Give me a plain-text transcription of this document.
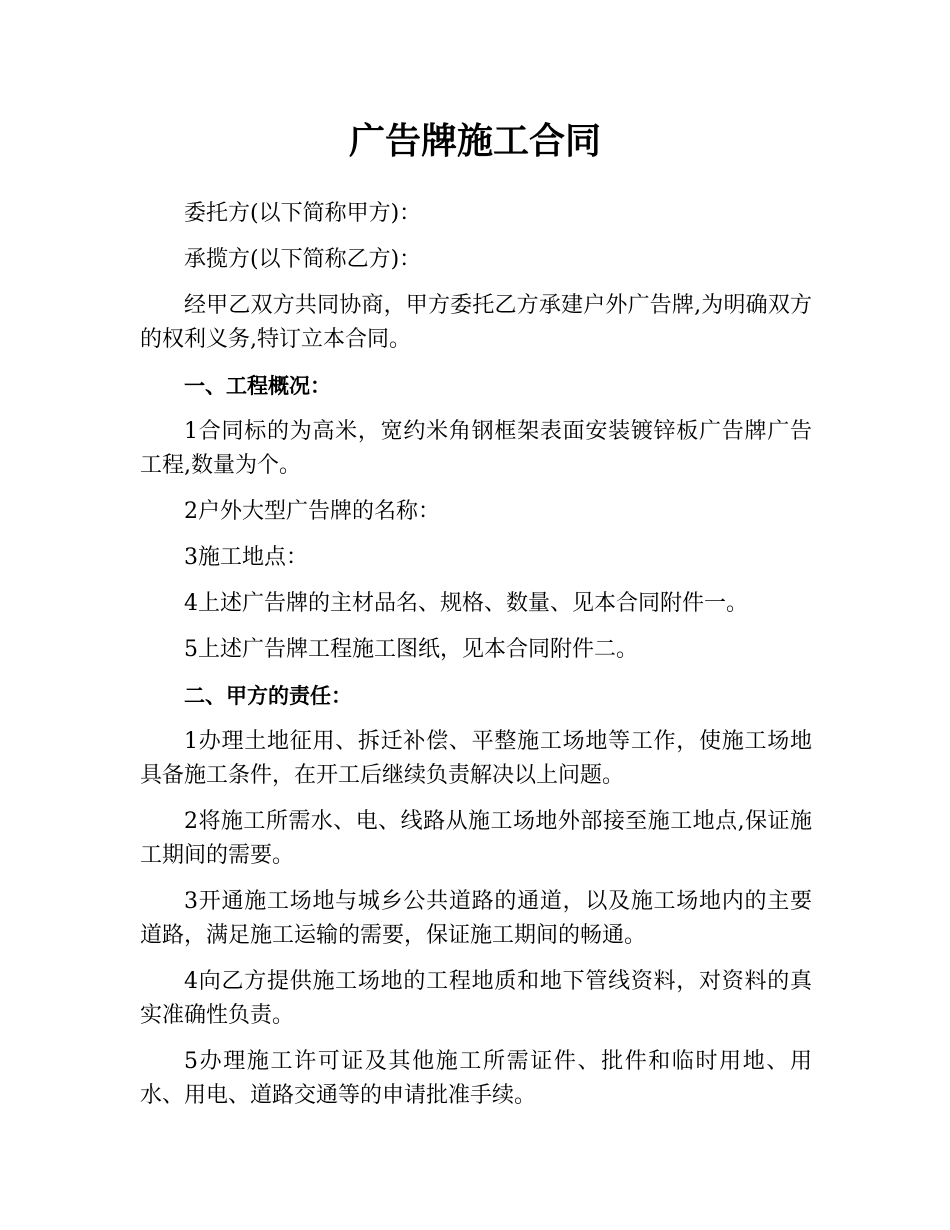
广告牌施工合同

委托方(以下简称甲方)：

承揽方(以下简称乙方)：

经甲乙双方共同协商，甲方委托乙方承建户外广告牌,为明确双方的权利义务,特订立本合同。

一、工程概况：

1合同标的为高米，宽约米角钢框架表面安装镀锌板广告牌广告工程,数量为个。

2户外大型广告牌的名称：

3施工地点：

4上述广告牌的主材品名、规格、数量、见本合同附件一。

5上述广告牌工程施工图纸，见本合同附件二。

二、甲方的责任：

1办理土地征用、拆迁补偿、平整施工场地等工作，使施工场地具备施工条件，在开工后继续负责解决以上问题。

2将施工所需水、电、线路从施工场地外部接至施工地点,保证施工期间的需要。

3开通施工场地与城乡公共道路的通道，以及施工场地内的主要道路，满足施工运输的需要，保证施工期间的畅通。

4向乙方提供施工场地的工程地质和地下管线资料，对资料的真实准确性负责。

5办理施工许可证及其他施工所需证件、批件和临时用地、用水、用电、道路交通等的申请批准手续。
